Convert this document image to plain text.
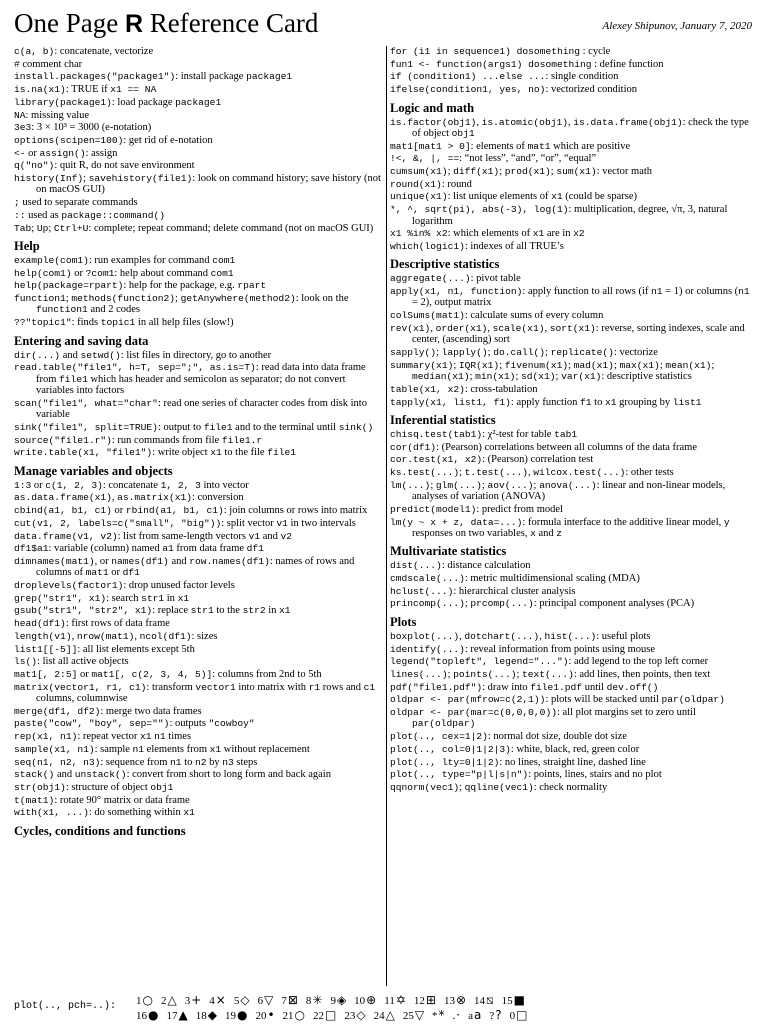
One Page R Reference Card	Alexey Shipunov, January 7, 2020

c(a, b): concatenate, vectorize

# comment char

install.packages("package1"): install package package1

is.na(x1): TRUE if x1 == NA

library(package1): load package package1

NA: missing value

3e3: 3 × 10³ = 3000 (e-notation)

options(scipen=100): get rid of e-notation

<- or assign(): assign

q("no"): quit R, do not save environment

history(Inf); savehistory(file1): look on command history; save history (not on macOS GUI)

; used to separate commands

:: used as package::command()

Tab; Up; Ctrl+U: complete; repeat command; delete command (not on macOS GUI)

Help

example(com1): run examples for command com1

help(com1) or ?com1: help about command com1

help(package=rpart): help for the package, e.g. rpart

function1; methods(function2); getAnywhere(method2): look on the function1 and 2 codes

??"topic1": finds topic1 in all help files (slow!)

Entering and saving data

dir(...) and setwd(): list files in directory, go to another

read.table("file1", h=T, sep=";", as.is=T): read data into data frame from file1 which has header and semicolon as separator; do not convert variables into factors

scan("file1", what="char": read one series of character codes from disk into variable

sink("file1", split=TRUE): output to file1 and to the terminal until sink()

source("file1.r"): run commands from file file1.r

write.table(x1, "file1"): write object x1 to the file file1

Manage variables and objects

1:3 or c(1, 2, 3): concatenate 1, 2, 3 into vector

as.data.frame(x1), as.matrix(x1): conversion

cbind(a1, b1, c1) or rbind(a1, b1, c1): join columns or rows into matrix

cut(v1, 2, labels=c("small", "big")): split vector v1 in two intervals

data.frame(v1, v2): list from same-length vectors v1 and v2

df1$a1: variable (column) named a1 from data frame df1

dimnames(mat1), or names(df1) and row.names(df1): names of rows and columns of mat1 or df1

droplevels(factor1): drop unused factor levels

grep("str1", x1): search str1 in x1

gsub("str1", "str2", x1): replace str1 to the str2 in x1

head(df1): first rows of data frame

length(v1), nrow(mat1), ncol(df1): sizes

list1[[-5]]: all list elements except 5th

ls(): list all active objects

mat1[, 2:5] or mat1[, c(2, 3, 4, 5)]: columns from 2nd to 5th

matrix(vector1, r1, c1): transform vector1 into matrix with r1 rows and c1 columns, columnwise

merge(df1, df2): merge two data frames

paste("cow", "boy", sep=""): outputs "cowboy"

rep(x1, n1): repeat vector x1 n1 times

sample(x1, n1): sample n1 elements from x1 without replacement

seq(n1, n2, n3): sequence from n1 to n2 by n3 steps

stack() and unstack(): convert from short to long form and back again

str(obj1): structure of object obj1

t(mat1): rotate 90° matrix or data frame

with(x1, ...): do something within x1

Cycles, conditions and functions

for (i1 in sequence1) dosomething : cycle

fun1 <- function(args1) dosomething : define function

if (condition1) ...else ...: single condition

ifelse(condition1, yes, no): vectorized condition

Logic and math

is.factor(obj1), is.atomic(obj1), is.data.frame(obj1): check the type of object obj1

mat1[mat1 > 0]: elements of mat1 which are positive

!<, &, |, ==: “not less”, “and”, “or”, “equal”

cumsum(x1); diff(x1); prod(x1); sum(x1): vector math

round(x1): round

unique(x1): list unique elements of x1 (could be sparse)

*, ^, sqrt(pi), abs(-3), log(1): multiplication, degree, √π, 3, natural logarithm

x1 %in% x2: which elements of x1 are in x2

which(logic1): indexes of all TRUE’s

Descriptive statistics

aggregate(...): pivot table

apply(x1, n1, function): apply function to all rows (if n1 = 1) or columns (n1 = 2), output matrix

colSums(mat1): calculate sums of every column

rev(x1), order(x1), scale(x1), sort(x1): reverse, sorting indexes, scale and center, (ascending) sort

sapply(); lapply(); do.call(); replicate(): vectorize

summary(x1); IQR(x1); fivenum(x1); mad(x1); max(x1); mean(x1); median(x1); min(x1); sd(x1); var(x1): descriptive statistics

table(x1, x2): cross-tabulation

tapply(x1, list1, f1): apply function f1 to x1 grouping by list1

Inferential statistics

chisq.test(tab1): χ²-test for table tab1

cor(df1): (Pearson) correlations between all columns of the data frame

cor.test(x1, x2): (Pearson) correlation test

ks.test(...); t.test(...), wilcox.test(...): other tests

lm(...); glm(...); aov(...); anova(...): linear and non-linear models, analyses of variation (ANOVA)

predict(model1): predict from model

lm(y ~ x + z, data=...): formula interface to the additive linear model, y responses on two variables, x and z

Multivariate statistics

dist(...): distance calculation

cmdscale(...): metric multidimensional scaling (MDA)

hclust(...): hierarchical cluster analysis

princomp(...); prcomp(...): principal component analyses (PCA)

Plots

boxplot(...), dotchart(...), hist(...): useful plots

identify(...): reveal information from points using mouse

legend("topleft", legend="..."): add legend to the top left corner

lines(...); points(...); text(...): add lines, then points, then text

pdf("file1.pdf"): draw into file1.pdf until dev.off()

oldpar <- par(mfrow=c(2,1)): plots will be stacked until par(oldpar)

oldpar <- par(mar=c(0,0,0,0)): all plot margins set to zero until par(oldpar)

plot(.., cex=1|2): normal dot size, double dot size

plot(.., col=0|1|2|3): white, black, red, green color

plot(.., lty=0|1|2): no lines, straight line, dashed line

plot(.., type="p|l|s|n"): points, lines, stairs and no plot

qqnorm(vec1); qqline(vec1): check normality

plot(.., pch=..): 1○ 2△ 3+ 4× 5◇ 6▽ 7⊠ 8✳ 9◈ 10⊕ 11✡ 12⊞ 13⊗ 14⧅ 15■
16● 17▲ 18◆ 19● 20• 21○ 22□ 23◇ 24△ 25▽ ** .· aa ?? 0□
